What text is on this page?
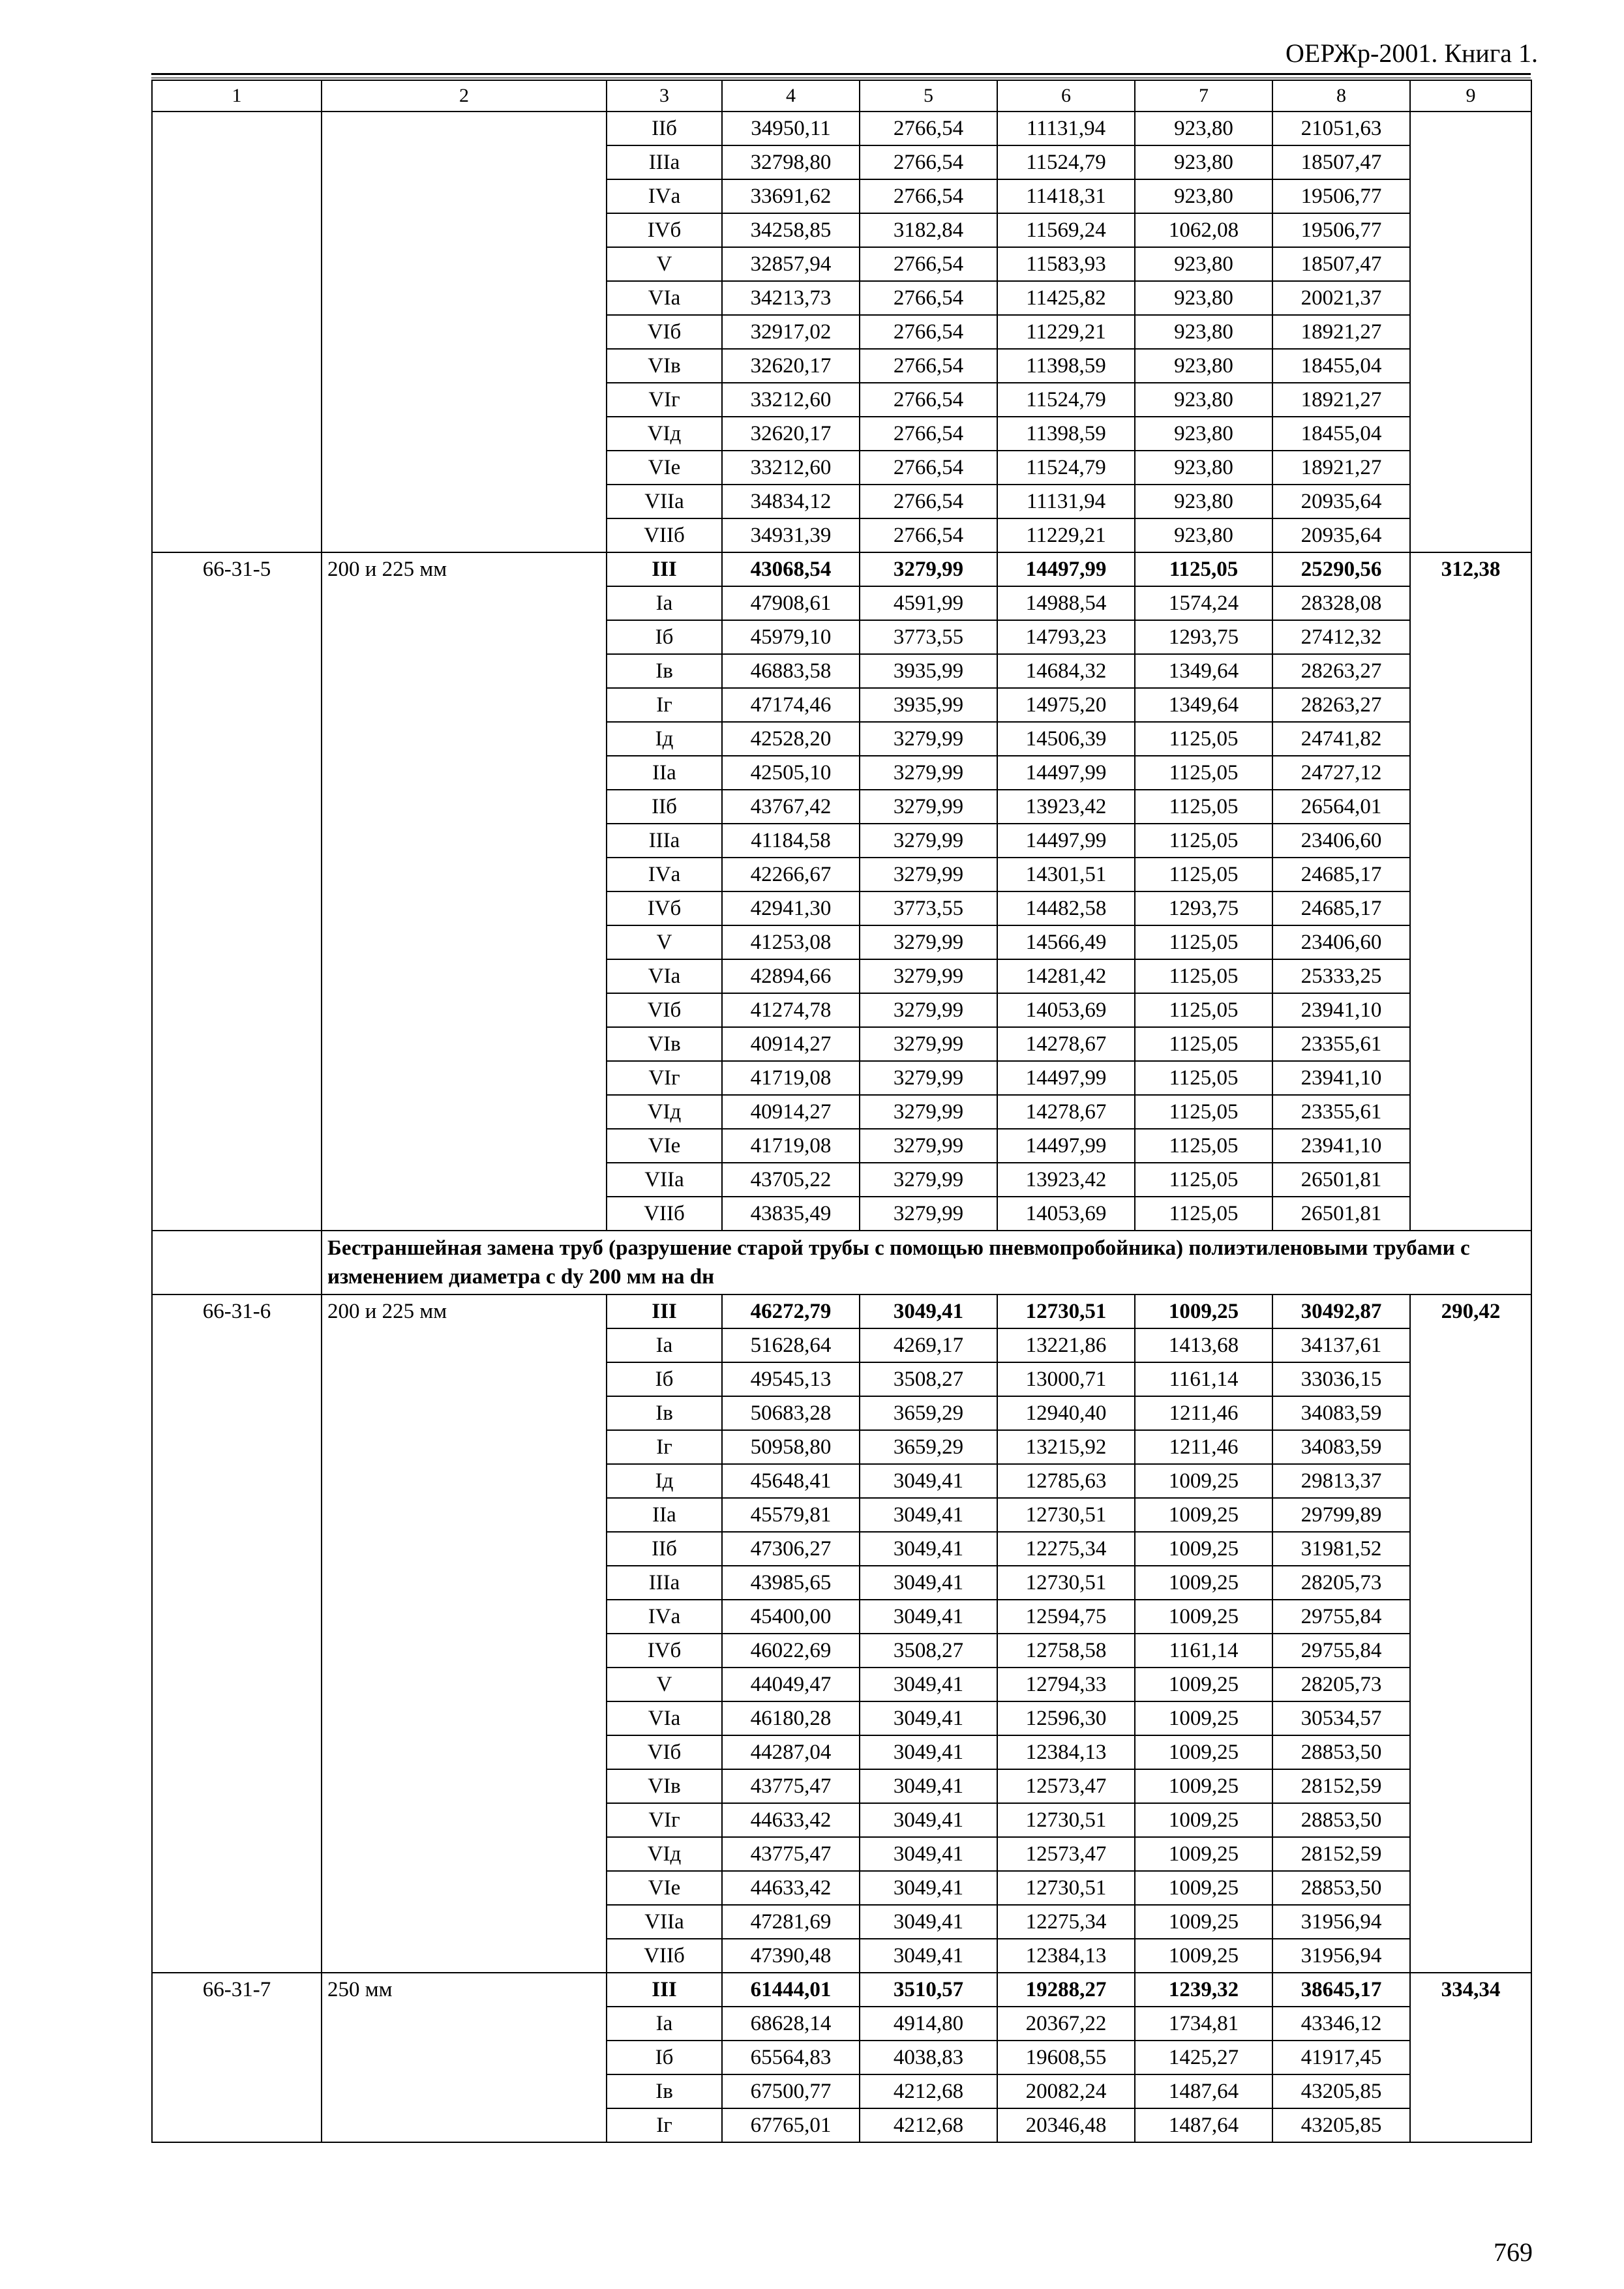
ОЕРЖр-2001. Книга 1.
1	2	3	4	5	6	7	8	9
		IIб	34950,11	2766,54	11131,94	923,80	21051,63	
		IIIа	32798,80	2766,54	11524,79	923,80	18507,47	
		IVа	33691,62	2766,54	11418,31	923,80	19506,77	
		IVб	34258,85	3182,84	11569,24	1062,08	19506,77	
		V	32857,94	2766,54	11583,93	923,80	18507,47	
		VIа	34213,73	2766,54	11425,82	923,80	20021,37	
		VIб	32917,02	2766,54	11229,21	923,80	18921,27	
		VIв	32620,17	2766,54	11398,59	923,80	18455,04	
		VIг	33212,60	2766,54	11524,79	923,80	18921,27	
		VIд	32620,17	2766,54	11398,59	923,80	18455,04	
		VIе	33212,60	2766,54	11524,79	923,80	18921,27	
		VIIа	34834,12	2766,54	11131,94	923,80	20935,64	
		VIIб	34931,39	2766,54	11229,21	923,80	20935,64	
66-31-5	200 и 225 мм	III	43068,54	3279,99	14497,99	1125,05	25290,56	312,38
		Iа	47908,61	4591,99	14988,54	1574,24	28328,08	
		Iб	45979,10	3773,55	14793,23	1293,75	27412,32	
		Iв	46883,58	3935,99	14684,32	1349,64	28263,27	
		Iг	47174,46	3935,99	14975,20	1349,64	28263,27	
		Iд	42528,20	3279,99	14506,39	1125,05	24741,82	
		IIа	42505,10	3279,99	14497,99	1125,05	24727,12	
		IIб	43767,42	3279,99	13923,42	1125,05	26564,01	
		IIIа	41184,58	3279,99	14497,99	1125,05	23406,60	
		IVа	42266,67	3279,99	14301,51	1125,05	24685,17	
		IVб	42941,30	3773,55	14482,58	1293,75	24685,17	
		V	41253,08	3279,99	14566,49	1125,05	23406,60	
		VIа	42894,66	3279,99	14281,42	1125,05	25333,25	
		VIб	41274,78	3279,99	14053,69	1125,05	23941,10	
		VIв	40914,27	3279,99	14278,67	1125,05	23355,61	
		VIг	41719,08	3279,99	14497,99	1125,05	23941,10	
		VIд	40914,27	3279,99	14278,67	1125,05	23355,61	
		VIе	41719,08	3279,99	14497,99	1125,05	23941,10	
		VIIа	43705,22	3279,99	13923,42	1125,05	26501,81	
		VIIб	43835,49	3279,99	14053,69	1125,05	26501,81	
	Бестраншейная замена труб (разрушение старой трубы с помощью пневмопробойника) полиэтиленовыми трубами с изменением диаметра с dy 200 мм на dн							
66-31-6	200 и 225 мм	III	46272,79	3049,41	12730,51	1009,25	30492,87	290,42
		Iа	51628,64	4269,17	13221,86	1413,68	34137,61	
		Iб	49545,13	3508,27	13000,71	1161,14	33036,15	
		Iв	50683,28	3659,29	12940,40	1211,46	34083,59	
		Iг	50958,80	3659,29	13215,92	1211,46	34083,59	
		Iд	45648,41	3049,41	12785,63	1009,25	29813,37	
		IIа	45579,81	3049,41	12730,51	1009,25	29799,89	
		IIб	47306,27	3049,41	12275,34	1009,25	31981,52	
		IIIа	43985,65	3049,41	12730,51	1009,25	28205,73	
		IVа	45400,00	3049,41	12594,75	1009,25	29755,84	
		IVб	46022,69	3508,27	12758,58	1161,14	29755,84	
		V	44049,47	3049,41	12794,33	1009,25	28205,73	
		VIа	46180,28	3049,41	12596,30	1009,25	30534,57	
		VIб	44287,04	3049,41	12384,13	1009,25	28853,50	
		VIв	43775,47	3049,41	12573,47	1009,25	28152,59	
		VIг	44633,42	3049,41	12730,51	1009,25	28853,50	
		VIд	43775,47	3049,41	12573,47	1009,25	28152,59	
		VIе	44633,42	3049,41	12730,51	1009,25	28853,50	
		VIIа	47281,69	3049,41	12275,34	1009,25	31956,94	
		VIIб	47390,48	3049,41	12384,13	1009,25	31956,94	
66-31-7	250 мм	III	61444,01	3510,57	19288,27	1239,32	38645,17	334,34
		Iа	68628,14	4914,80	20367,22	1734,81	43346,12	
		Iб	65564,83	4038,83	19608,55	1425,27	41917,45	
		Iв	67500,77	4212,68	20082,24	1487,64	43205,85	
		Iг	67765,01	4212,68	20346,48	1487,64	43205,85	
769
